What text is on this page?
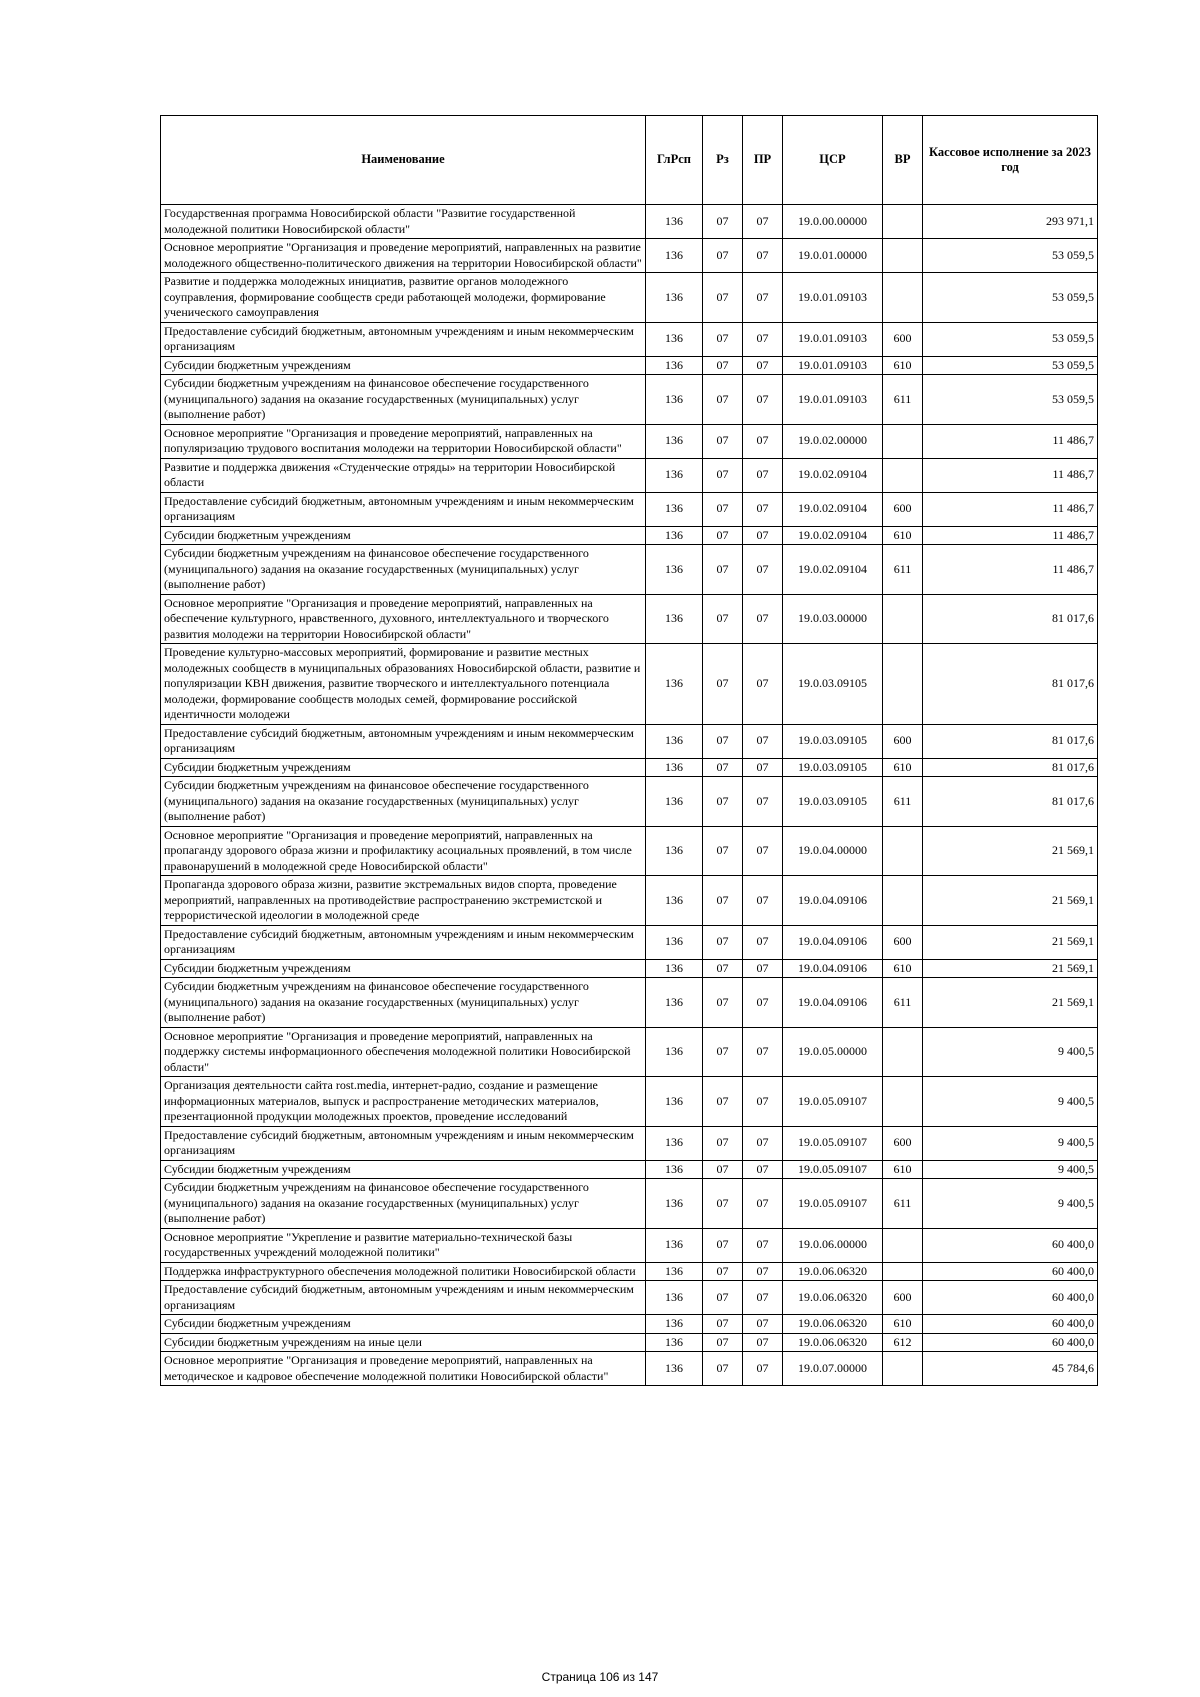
Наименование	ГлРсп	Рз	ПР	ЦСР	ВР	Кассовое исполнение за 2023 год
Государственная программа Новосибирской области "Развитие государственной молодежной политики Новосибирской области"	136	07	07	19.0.00.00000		293 971,1
Основное мероприятие "Организация и проведение мероприятий, направленных на развитие молодежного общественно-политического движения на территории Новосибирской области"	136	07	07	19.0.01.00000		53 059,5
Развитие и поддержка молодежных инициатив, развитие органов молодежного соуправления, формирование сообществ среди работающей молодежи, формирование ученического самоуправления	136	07	07	19.0.01.09103		53 059,5
Предоставление субсидий бюджетным, автономным учреждениям и иным некоммерческим организациям	136	07	07	19.0.01.09103	600	53 059,5
Субсидии бюджетным учреждениям	136	07	07	19.0.01.09103	610	53 059,5
Субсидии бюджетным учреждениям на финансовое обеспечение государственного (муниципального) задания на оказание государственных (муниципальных) услуг (выполнение работ)	136	07	07	19.0.01.09103	611	53 059,5
Основное мероприятие "Организация и проведение мероприятий, направленных на популяризацию трудового воспитания молодежи на территории Новосибирской области"	136	07	07	19.0.02.00000		11 486,7
Развитие и поддержка движения «Студенческие отряды» на территории Новосибирской области	136	07	07	19.0.02.09104		11 486,7
Предоставление субсидий бюджетным, автономным учреждениям и иным некоммерческим организациям	136	07	07	19.0.02.09104	600	11 486,7
Субсидии бюджетным учреждениям	136	07	07	19.0.02.09104	610	11 486,7
Субсидии бюджетным учреждениям на финансовое обеспечение государственного (муниципального) задания на оказание государственных (муниципальных) услуг (выполнение работ)	136	07	07	19.0.02.09104	611	11 486,7
Основное мероприятие "Организация и проведение мероприятий, направленных на обеспечение культурного, нравственного, духовного, интеллектуального и творческого развития молодежи на территории Новосибирской области"	136	07	07	19.0.03.00000		81 017,6
Проведение культурно-массовых мероприятий, формирование и развитие местных молодежных сообществ в муниципальных образованиях Новосибирской области, развитие и популяризации КВН движения, развитие творческого и интеллектуального потенциала молодежи, формирование сообществ молодых семей, формирование российской идентичности молодежи	136	07	07	19.0.03.09105		81 017,6
Предоставление субсидий бюджетным, автономным учреждениям и иным некоммерческим организациям	136	07	07	19.0.03.09105	600	81 017,6
Субсидии бюджетным учреждениям	136	07	07	19.0.03.09105	610	81 017,6
Субсидии бюджетным учреждениям на финансовое обеспечение государственного (муниципального) задания на оказание государственных (муниципальных) услуг (выполнение работ)	136	07	07	19.0.03.09105	611	81 017,6
Основное мероприятие "Организация и проведение мероприятий, направленных на пропаганду здорового образа жизни и профилактику асоциальных проявлений, в том числе правонарушений в молодежной среде Новосибирской области"	136	07	07	19.0.04.00000		21 569,1
Пропаганда здорового образа жизни, развитие экстремальных видов спорта, проведение мероприятий, направленных на противодействие распространению экстремистской и террористической идеологии в молодежной среде	136	07	07	19.0.04.09106		21 569,1
Предоставление субсидий бюджетным, автономным учреждениям и иным некоммерческим организациям	136	07	07	19.0.04.09106	600	21 569,1
Субсидии бюджетным учреждениям	136	07	07	19.0.04.09106	610	21 569,1
Субсидии бюджетным учреждениям на финансовое обеспечение государственного (муниципального) задания на оказание государственных (муниципальных) услуг (выполнение работ)	136	07	07	19.0.04.09106	611	21 569,1
Основное мероприятие "Организация и проведение мероприятий, направленных на поддержку системы информационного обеспечения молодежной политики Новосибирской области"	136	07	07	19.0.05.00000		9 400,5
Организация деятельности сайта rost.media, интернет-радио, создание и размещение информационных материалов, выпуск и распространение методических материалов, презентационной продукции молодежных проектов, проведение исследований	136	07	07	19.0.05.09107		9 400,5
Предоставление субсидий бюджетным, автономным учреждениям и иным некоммерческим организациям	136	07	07	19.0.05.09107	600	9 400,5
Субсидии бюджетным учреждениям	136	07	07	19.0.05.09107	610	9 400,5
Субсидии бюджетным учреждениям на финансовое обеспечение государственного (муниципального) задания на оказание государственных (муниципальных) услуг (выполнение работ)	136	07	07	19.0.05.09107	611	9 400,5
Основное мероприятие "Укрепление и развитие материально-технической базы государственных учреждений молодежной политики"	136	07	07	19.0.06.00000		60 400,0
Поддержка инфраструктурного обеспечения молодежной политики Новосибирской области	136	07	07	19.0.06.06320		60 400,0
Предоставление субсидий бюджетным, автономным учреждениям и иным некоммерческим организациям	136	07	07	19.0.06.06320	600	60 400,0
Субсидии бюджетным учреждениям	136	07	07	19.0.06.06320	610	60 400,0
Субсидии бюджетным учреждениям на иные цели	136	07	07	19.0.06.06320	612	60 400,0
Основное мероприятие "Организация и проведение мероприятий, направленных на методическое и кадровое обеспечение молодежной политики Новосибирской области"	136	07	07	19.0.07.00000		45 784,6
Страница 106 из 147
